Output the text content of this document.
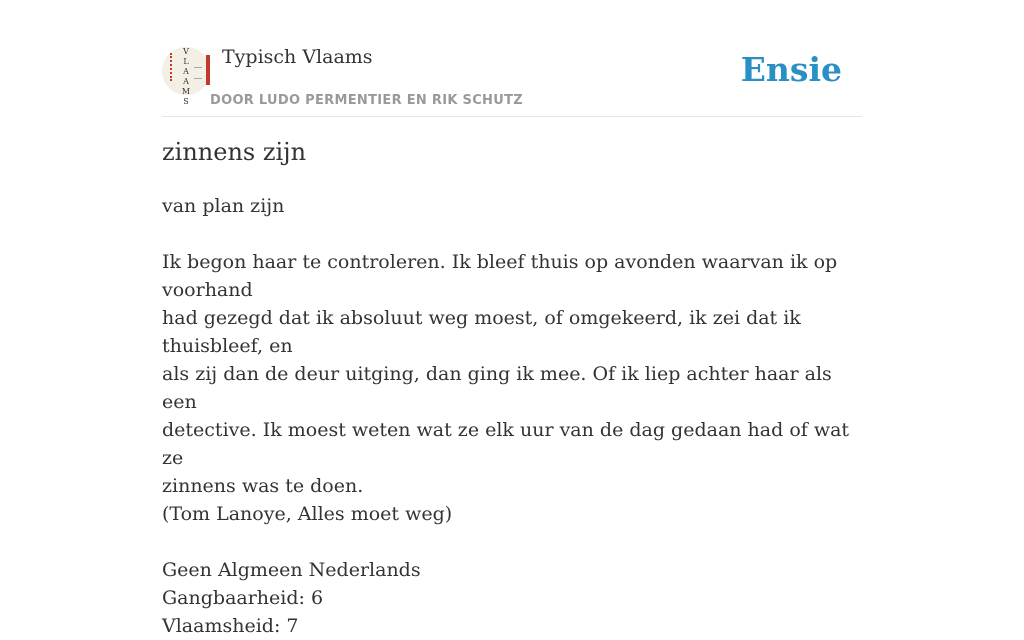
V
L
A
A
M
S
Typisch Vlaams
DOOR LUDO PERMENTIER EN RIK SCHUTZ
Ensie
zinnens zijn

van plan zijn

Ik begon haar te controleren. Ik bleef thuis op avonden waarvan ik op voorhand

had gezegd dat ik absoluut weg moest, of omgekeerd, ik zei dat ik thuisbleef, en

als zij dan de deur uitging, dan ging ik mee. Of ik liep achter haar als een

detective. Ik moest weten wat ze elk uur van de dag gedaan had of wat ze

zinnens was te doen.

(Tom Lanoye, Alles moet weg)

Geen Algmeen Nederlands

Gangbaarheid: 6

Vlaamsheid: 7
